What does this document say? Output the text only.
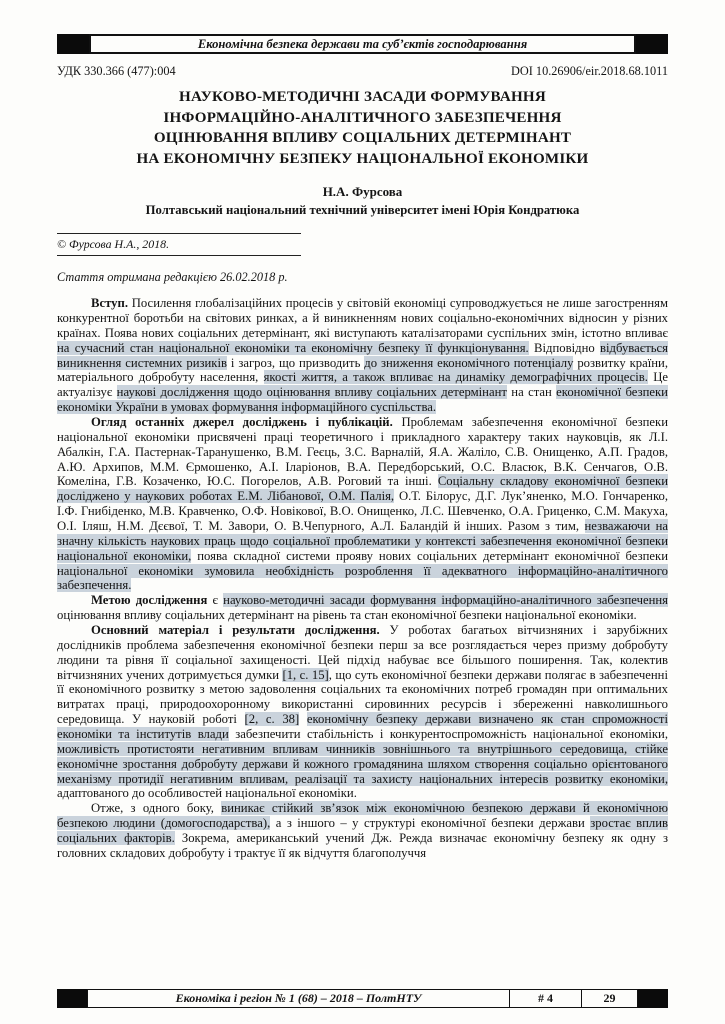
Економічна безпека держави та суб’єктів господарювання
УДК 330.366 (477):004	DOI 10.26906/eir.2018.68.1011
НАУКОВО-МЕТОДИЧНІ ЗАСАДИ ФОРМУВАННЯ
ІНФОРМАЦІЙНО-АНАЛІТИЧНОГО ЗАБЕЗПЕЧЕННЯ
ОЦІНЮВАННЯ ВПЛИВУ СОЦІАЛЬНИХ ДЕТЕРМІНАНТ
НА ЕКОНОМІЧНУ БЕЗПЕКУ НАЦІОНАЛЬНОЇ ЕКОНОМІКИ
Н.А. Фурсова
Полтавський національний технічний університет імені Юрія Кондратюка
© Фурсова Н.А., 2018.
Стаття отримана редакцією 26.02.2018 р.

Вступ. Посилення глобалізаційних процесів у світовій економіці супроводжується не лише загостренням конкурентної боротьби на світових ринках, а й виникненням нових соціально-економічних відносин у різних країнах. Поява нових соціальних детермінант, які виступають каталізаторами суспільних змін, істотно впливає на сучасний стан національної економіки та економічну безпеку її функціонування. Відповідно відбувається виникнення системних ризиків і загроз, що призводить до зниження економічного потенціалу розвитку країни, матеріального добробуту населення, якості життя, а також впливає на динаміку демографічних процесів. Це актуалізує наукові дослідження щодо оцінювання впливу соціальних детермінант на стан економічної безпеки економіки України в умовах формування інформаційного суспільства.

Огляд останніх джерел досліджень і публікацій. Проблемам забезпечення економічної безпеки національної економіки присвячені праці теоретичного і прикладного характеру таких науковців, як Л.І. Абалкін, Г.А. Пастернак-Таранушенко, В.М. Геєць, З.С. Варналій, Я.А. Жаліло, С.В. Онищенко, А.П. Градов, А.Ю. Архипов, М.М. Єрмошенко, А.І. Іларіонов, В.А. Передборський, О.С. Власюк, В.К. Сенчагов, О.В. Комеліна, Г.В. Козаченко, Ю.С. Погорелов, А.В. Роговий та інші. Соціальну складову економічної безпеки досліджено у наукових роботах Е.М. Лібанової, О.М. Палія, О.Т. Білорус, Д.Г. Лук’яненко, М.О. Гончаренко, І.Ф. Гнибіденко, М.В. Кравченко, О.Ф. Новікової, В.О. Онищенко, Л.С. Шевченко, О.А. Гриценко, С.М. Макуха, О.І. Іляш, Н.М. Дєєвої, Т. М. Завори, О. В.Чепурного, А.Л. Баландій й інших. Разом з тим, незважаючи на значну кількість наукових праць щодо соціальної проблематики у контексті забезпечення економічної безпеки національної економіки, поява складної системи прояву нових соціальних детермінант економічної безпеки національної економіки зумовила необхідність розроблення її адекватного інформаційно-аналітичного забезпечення.

Метою дослідження є науково-методичні засади формування інформаційно-аналітичного забезпечення оцінювання впливу соціальних детермінант на рівень та стан економічної безпеки національної економіки.

Основний матеріал і результати дослідження. У роботах багатьох вітчизняних і зарубіжних дослідників проблема забезпечення економічної безпеки перш за все розглядається через призму добробуту людини та рівня її соціальної захищеності. Цей підхід набуває все більшого поширення. Так, колектив вітчизняних учених дотримується думки [1, с. 15], що суть економічної безпеки держави полягає в забезпеченні її економічного розвитку з метою задоволення соціальних та економічних потреб громадян при оптимальних витратах праці, природоохоронному використанні сировинних ресурсів і збереженні навколишнього середовища. У науковій роботі [2, с. 38] економічну безпеку держави визначено як стан спроможності економіки та інститутів влади забезпечити стабільність і конкурентоспроможність національної економіки, можливість протистояти негативним впливам чинників зовнішнього та внутрішнього середовища, стійке економічне зростання добробуту держави й кожного громадянина шляхом створення соціально орієнтованого механізму протидії негативним впливам, реалізації та захисту національних інтересів розвитку економіки, адаптованого до особливостей національної економіки.

Отже, з одного боку, виникає стійкий зв’язок між економічною безпекою держави й економічною безпекою людини (домогосподарства), а з іншого – у структурі економічної безпеки держави зростає вплив соціальних факторів. Зокрема, американський учений Дж. Режда визначає економічну безпеку як одну з головних складових добробуту і трактує її як відчуття благополуччя

Економіка і регіон № 1 (68) – 2018 – ПолтНТУ	# 4	29
